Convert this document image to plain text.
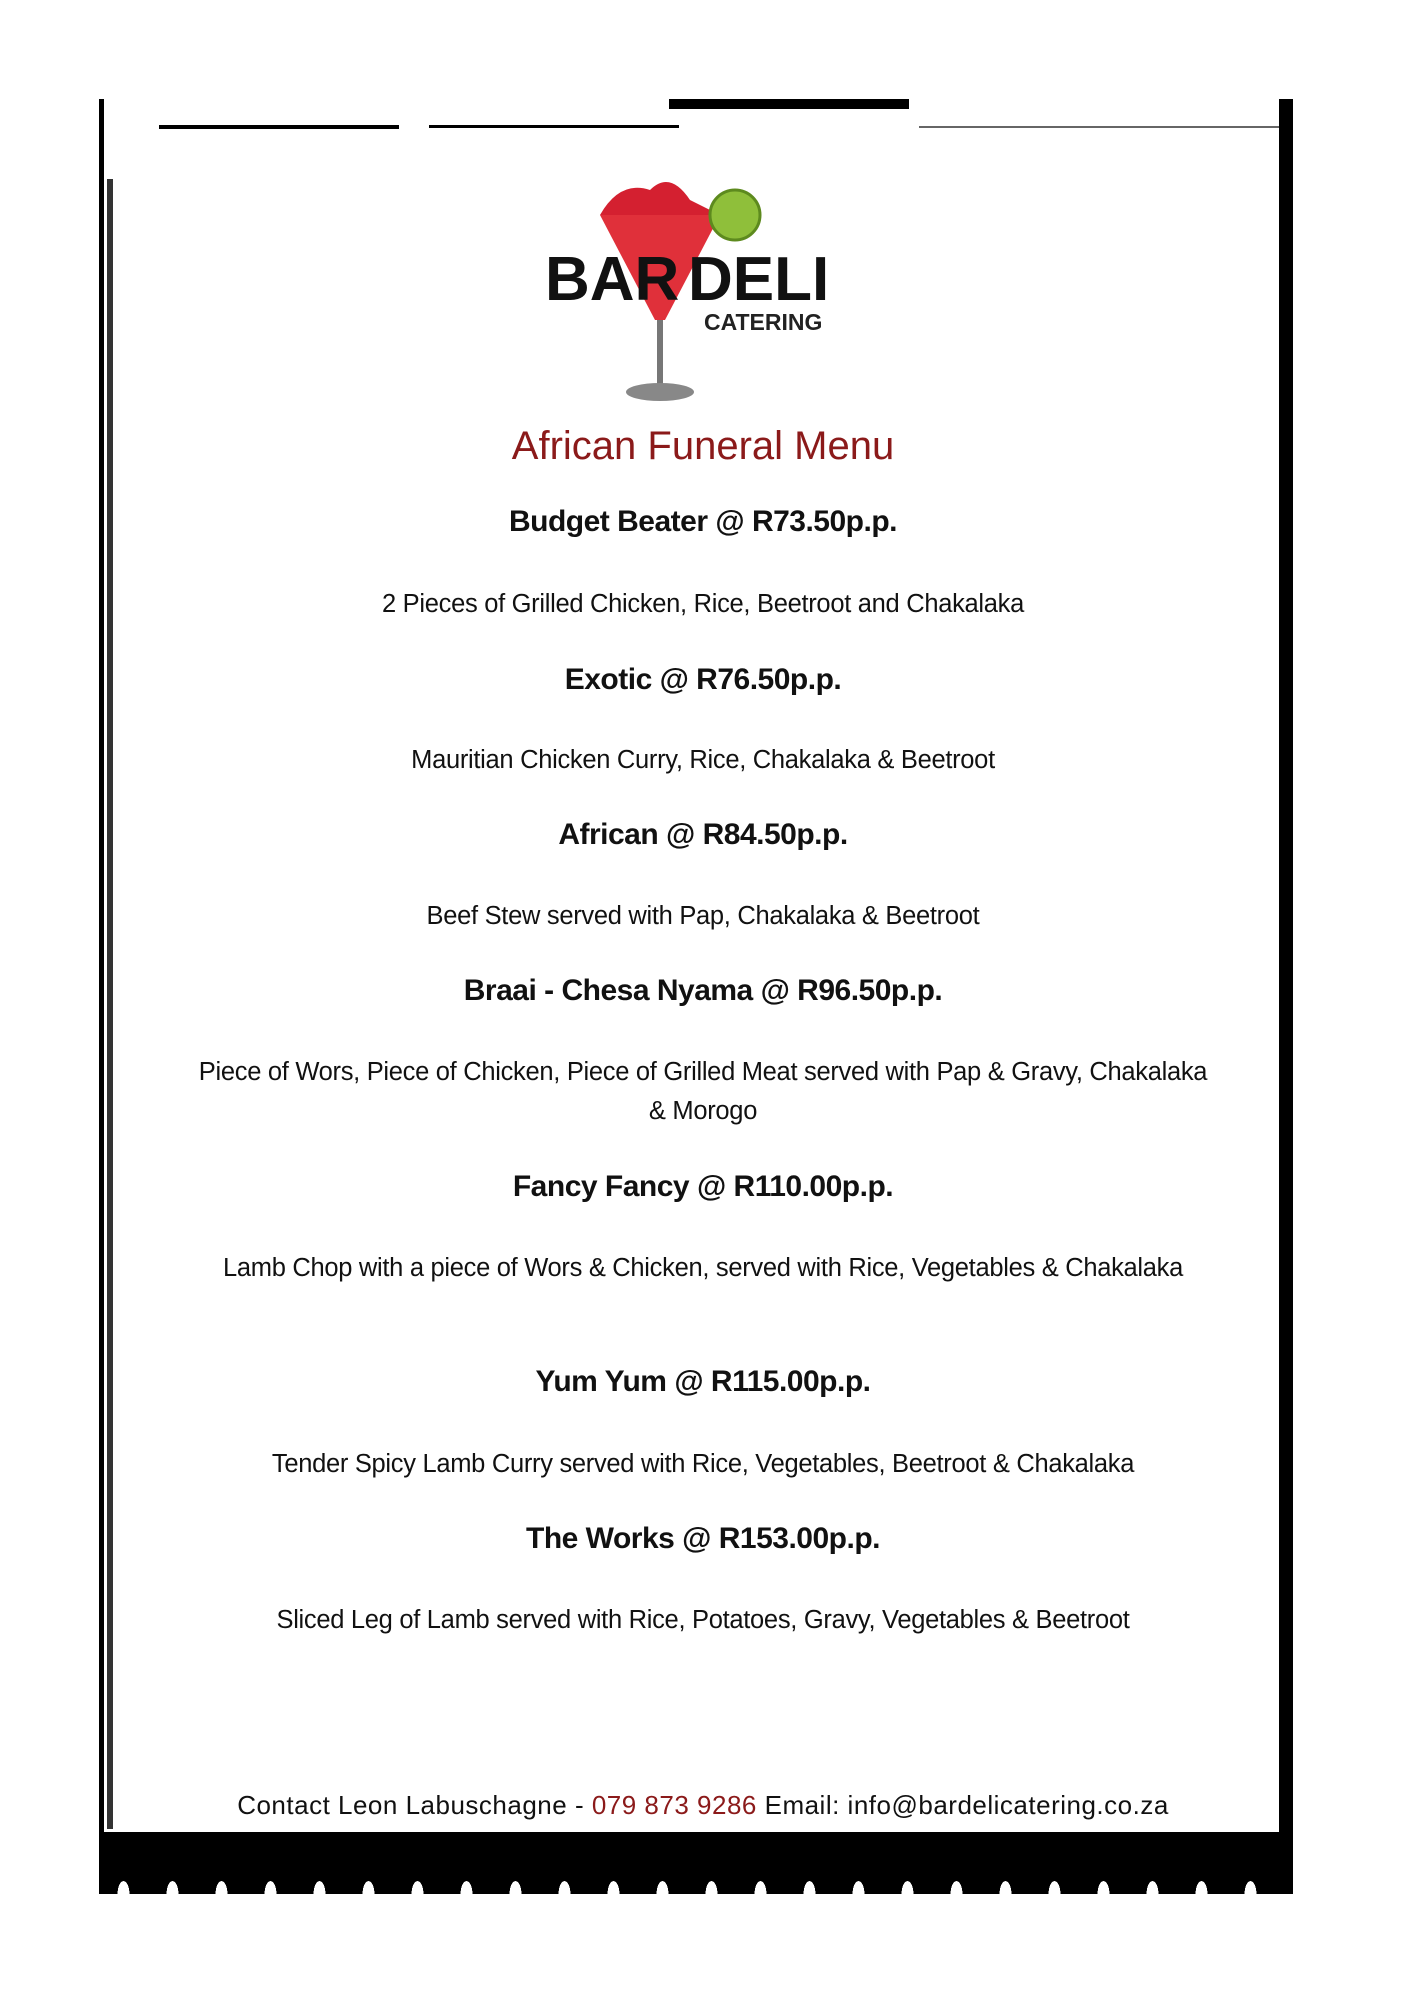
BAR DELI
CATERING
African Funeral Menu
Budget Beater @ R73.50p.p.
2 Pieces of Grilled Chicken, Rice, Beetroot and Chakalaka
Exotic @ R76.50p.p.
Mauritian Chicken Curry, Rice, Chakalaka & Beetroot
African @ R84.50p.p.
Beef Stew served with Pap, Chakalaka & Beetroot
Braai - Chesa Nyama @ R96.50p.p.
Piece of Wors, Piece of Chicken, Piece of Grilled Meat served with Pap & Gravy, Chakalaka & Morogo
Fancy Fancy @ R110.00p.p.
Lamb Chop with a piece of Wors & Chicken, served with Rice, Vegetables & Chakalaka
Yum Yum @ R115.00p.p.
Tender Spicy Lamb Curry served with Rice, Vegetables, Beetroot & Chakalaka
The Works @ R153.00p.p.
Sliced Leg of Lamb served with Rice, Potatoes, Gravy, Vegetables & Beetroot
Contact Leon Labuschagne - 079 873 9286 Email: info@bardelicatering.co.za
